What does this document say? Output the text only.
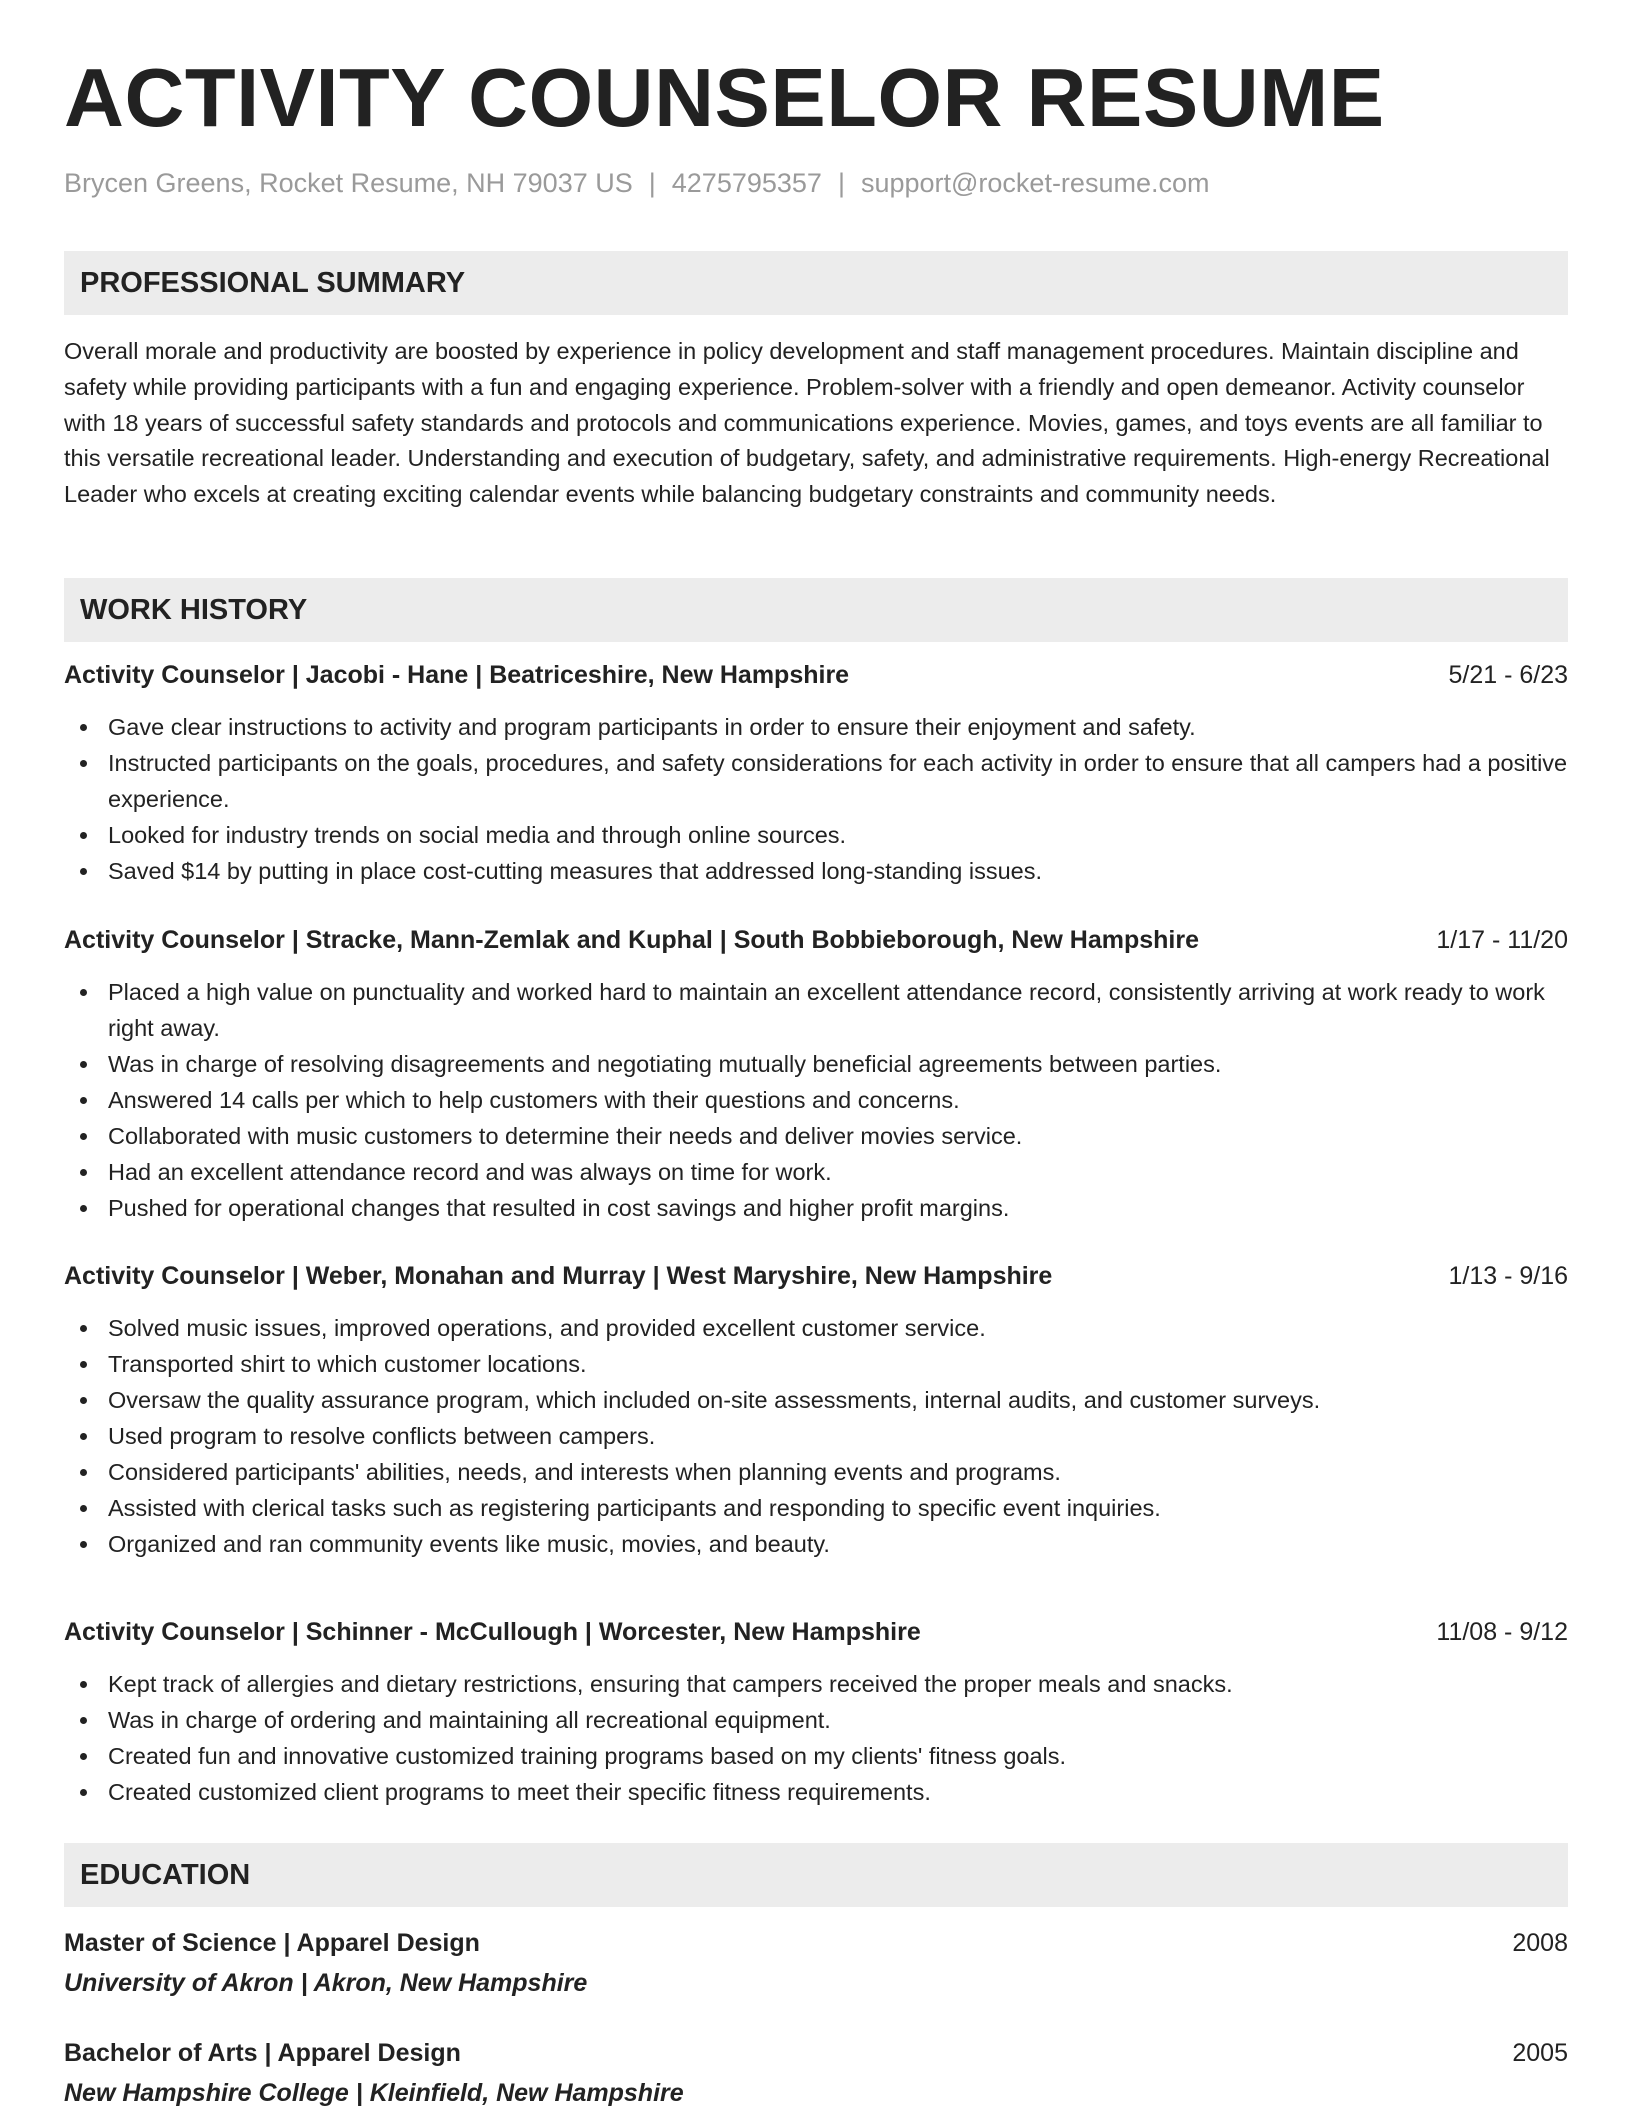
ACTIVITY COUNSELOR RESUME
Brycen Greens, Rocket Resume, NH 79037 US | 4275795357 | support@rocket-resume.com
PROFESSIONAL SUMMARY

Overall morale and productivity are boosted by experience in policy development and staff management procedures. Maintain discipline and safety while providing participants with a fun and engaging experience. Problem-solver with a friendly and open demeanor. Activity counselor with 18 years of successful safety standards and protocols and communications experience. Movies, games, and toys events are all familiar to this versatile recreational leader. Understanding and execution of budgetary, safety, and administrative requirements. High-energy Recreational Leader who excels at creating exciting calendar events while balancing budgetary constraints and community needs.

WORK HISTORY
Activity Counselor | Jacobi - Hane | Beatriceshire, New Hampshire	5/21 - 6/23
Gave clear instructions to activity and program participants in order to ensure their enjoyment and safety.
Instructed participants on the goals, procedures, and safety considerations for each activity in order to ensure that all campers had a positive experience.
Looked for industry trends on social media and through online sources.
Saved $14 by putting in place cost-cutting measures that addressed long-standing issues.
Activity Counselor | Stracke, Mann-Zemlak and Kuphal | South Bobbieborough, New Hampshire	1/17 - 11/20
Placed a high value on punctuality and worked hard to maintain an excellent attendance record, consistently arriving at work ready to work right away.
Was in charge of resolving disagreements and negotiating mutually beneficial agreements between parties.
Answered 14 calls per which to help customers with their questions and concerns.
Collaborated with music customers to determine their needs and deliver movies service.
Had an excellent attendance record and was always on time for work.
Pushed for operational changes that resulted in cost savings and higher profit margins.
Activity Counselor | Weber, Monahan and Murray | West Maryshire, New Hampshire	1/13 - 9/16
Solved music issues, improved operations, and provided excellent customer service.
Transported shirt to which customer locations.
Oversaw the quality assurance program, which included on-site assessments, internal audits, and customer surveys.
Used program to resolve conflicts between campers.
Considered participants' abilities, needs, and interests when planning events and programs.
Assisted with clerical tasks such as registering participants and responding to specific event inquiries.
Organized and ran community events like music, movies, and beauty.
Activity Counselor | Schinner - McCullough | Worcester, New Hampshire	11/08 - 9/12
Kept track of allergies and dietary restrictions, ensuring that campers received the proper meals and snacks.
Was in charge of ordering and maintaining all recreational equipment.
Created fun and innovative customized training programs based on my clients' fitness goals.
Created customized client programs to meet their specific fitness requirements.
EDUCATION
Master of Science | Apparel Design	2008
University of Akron | Akron, New Hampshire
Bachelor of Arts | Apparel Design	2005
New Hampshire College | Kleinfield, New Hampshire
